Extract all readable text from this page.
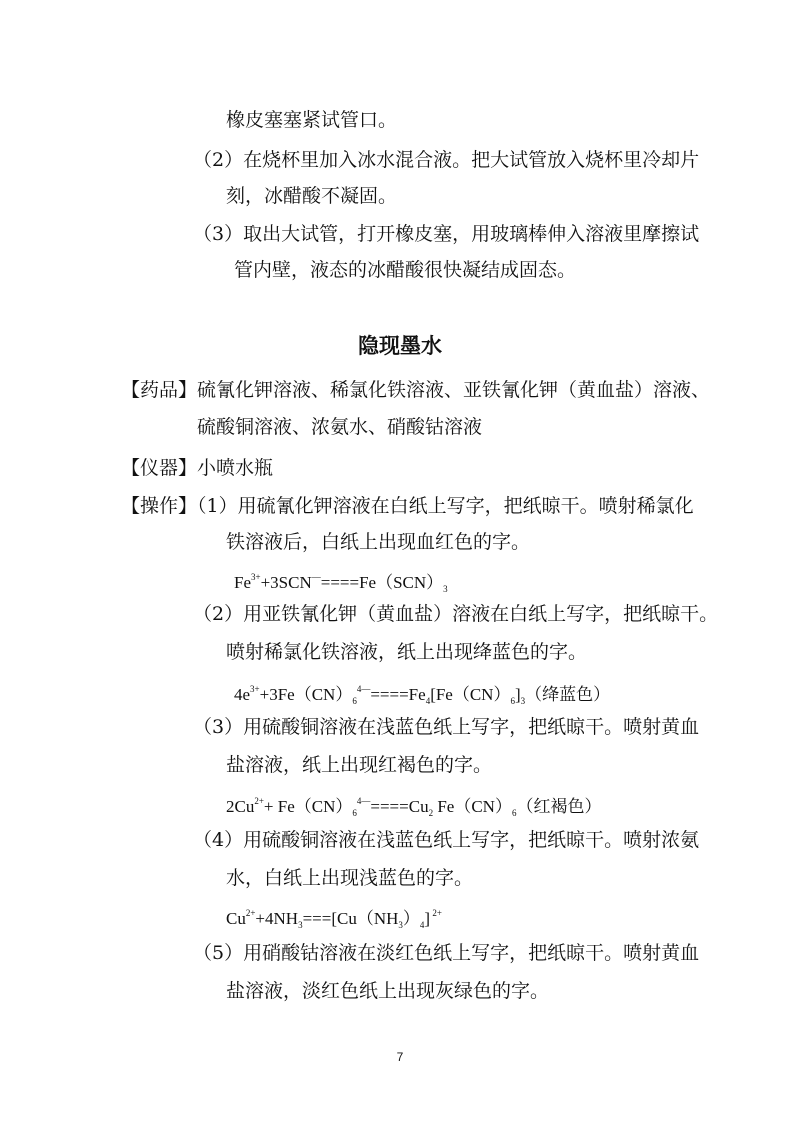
橡皮塞塞紧试管口。
（2）在烧杯里加入冰水混合液。把大试管放入烧杯里冷却片
刻，冰醋酸不凝固。
（3）取出大试管，打开橡皮塞，用玻璃棒伸入溶液里摩擦试
管内壁，液态的冰醋酸很快凝结成固态。
隐现墨水
【药品】硫氰化钾溶液、稀氯化铁溶液、亚铁氰化钾（黄血盐）溶液、
硫酸铜溶液、浓氨水、硝酸钴溶液
【仪器】小喷水瓶
【操作】（1）用硫氰化钾溶液在白纸上写字，把纸晾干。喷射稀氯化
铁溶液后，白纸上出现血红色的字。
$Fe^{3+}+3SCN^—====Fe(SCN)_3$
（2）用亚铁氰化钾（黄血盐）溶液在白纸上写字，把纸晾干。
喷射稀氯化铁溶液，纸上出现绛蓝色的字。
$4e^{3+}+3Fe(CN)_6^{4—}====Fe_4[Fe(CN)_6]_3$（绛蓝色）
（3）用硫酸铜溶液在浅蓝色纸上写字，把纸晾干。喷射黄血
盐溶液，纸上出现红褐色的字。
$2Cu^{2+}+ Fe(CN)_6^{4—}====Cu_2$ $Fe(CN)_6$（红褐色）
（4）用硫酸铜溶液在浅蓝色纸上写字，把纸晾干。喷射浓氨
水，白纸上出现浅蓝色的字。
$Cu^{2+}+4NH_3===[Cu(NH_3)_4]$ $^{2+}$
（5）用硝酸钴溶液在淡红色纸上写字，把纸晾干。喷射黄血
盐溶液，淡红色纸上出现灰绿色的字。
7
